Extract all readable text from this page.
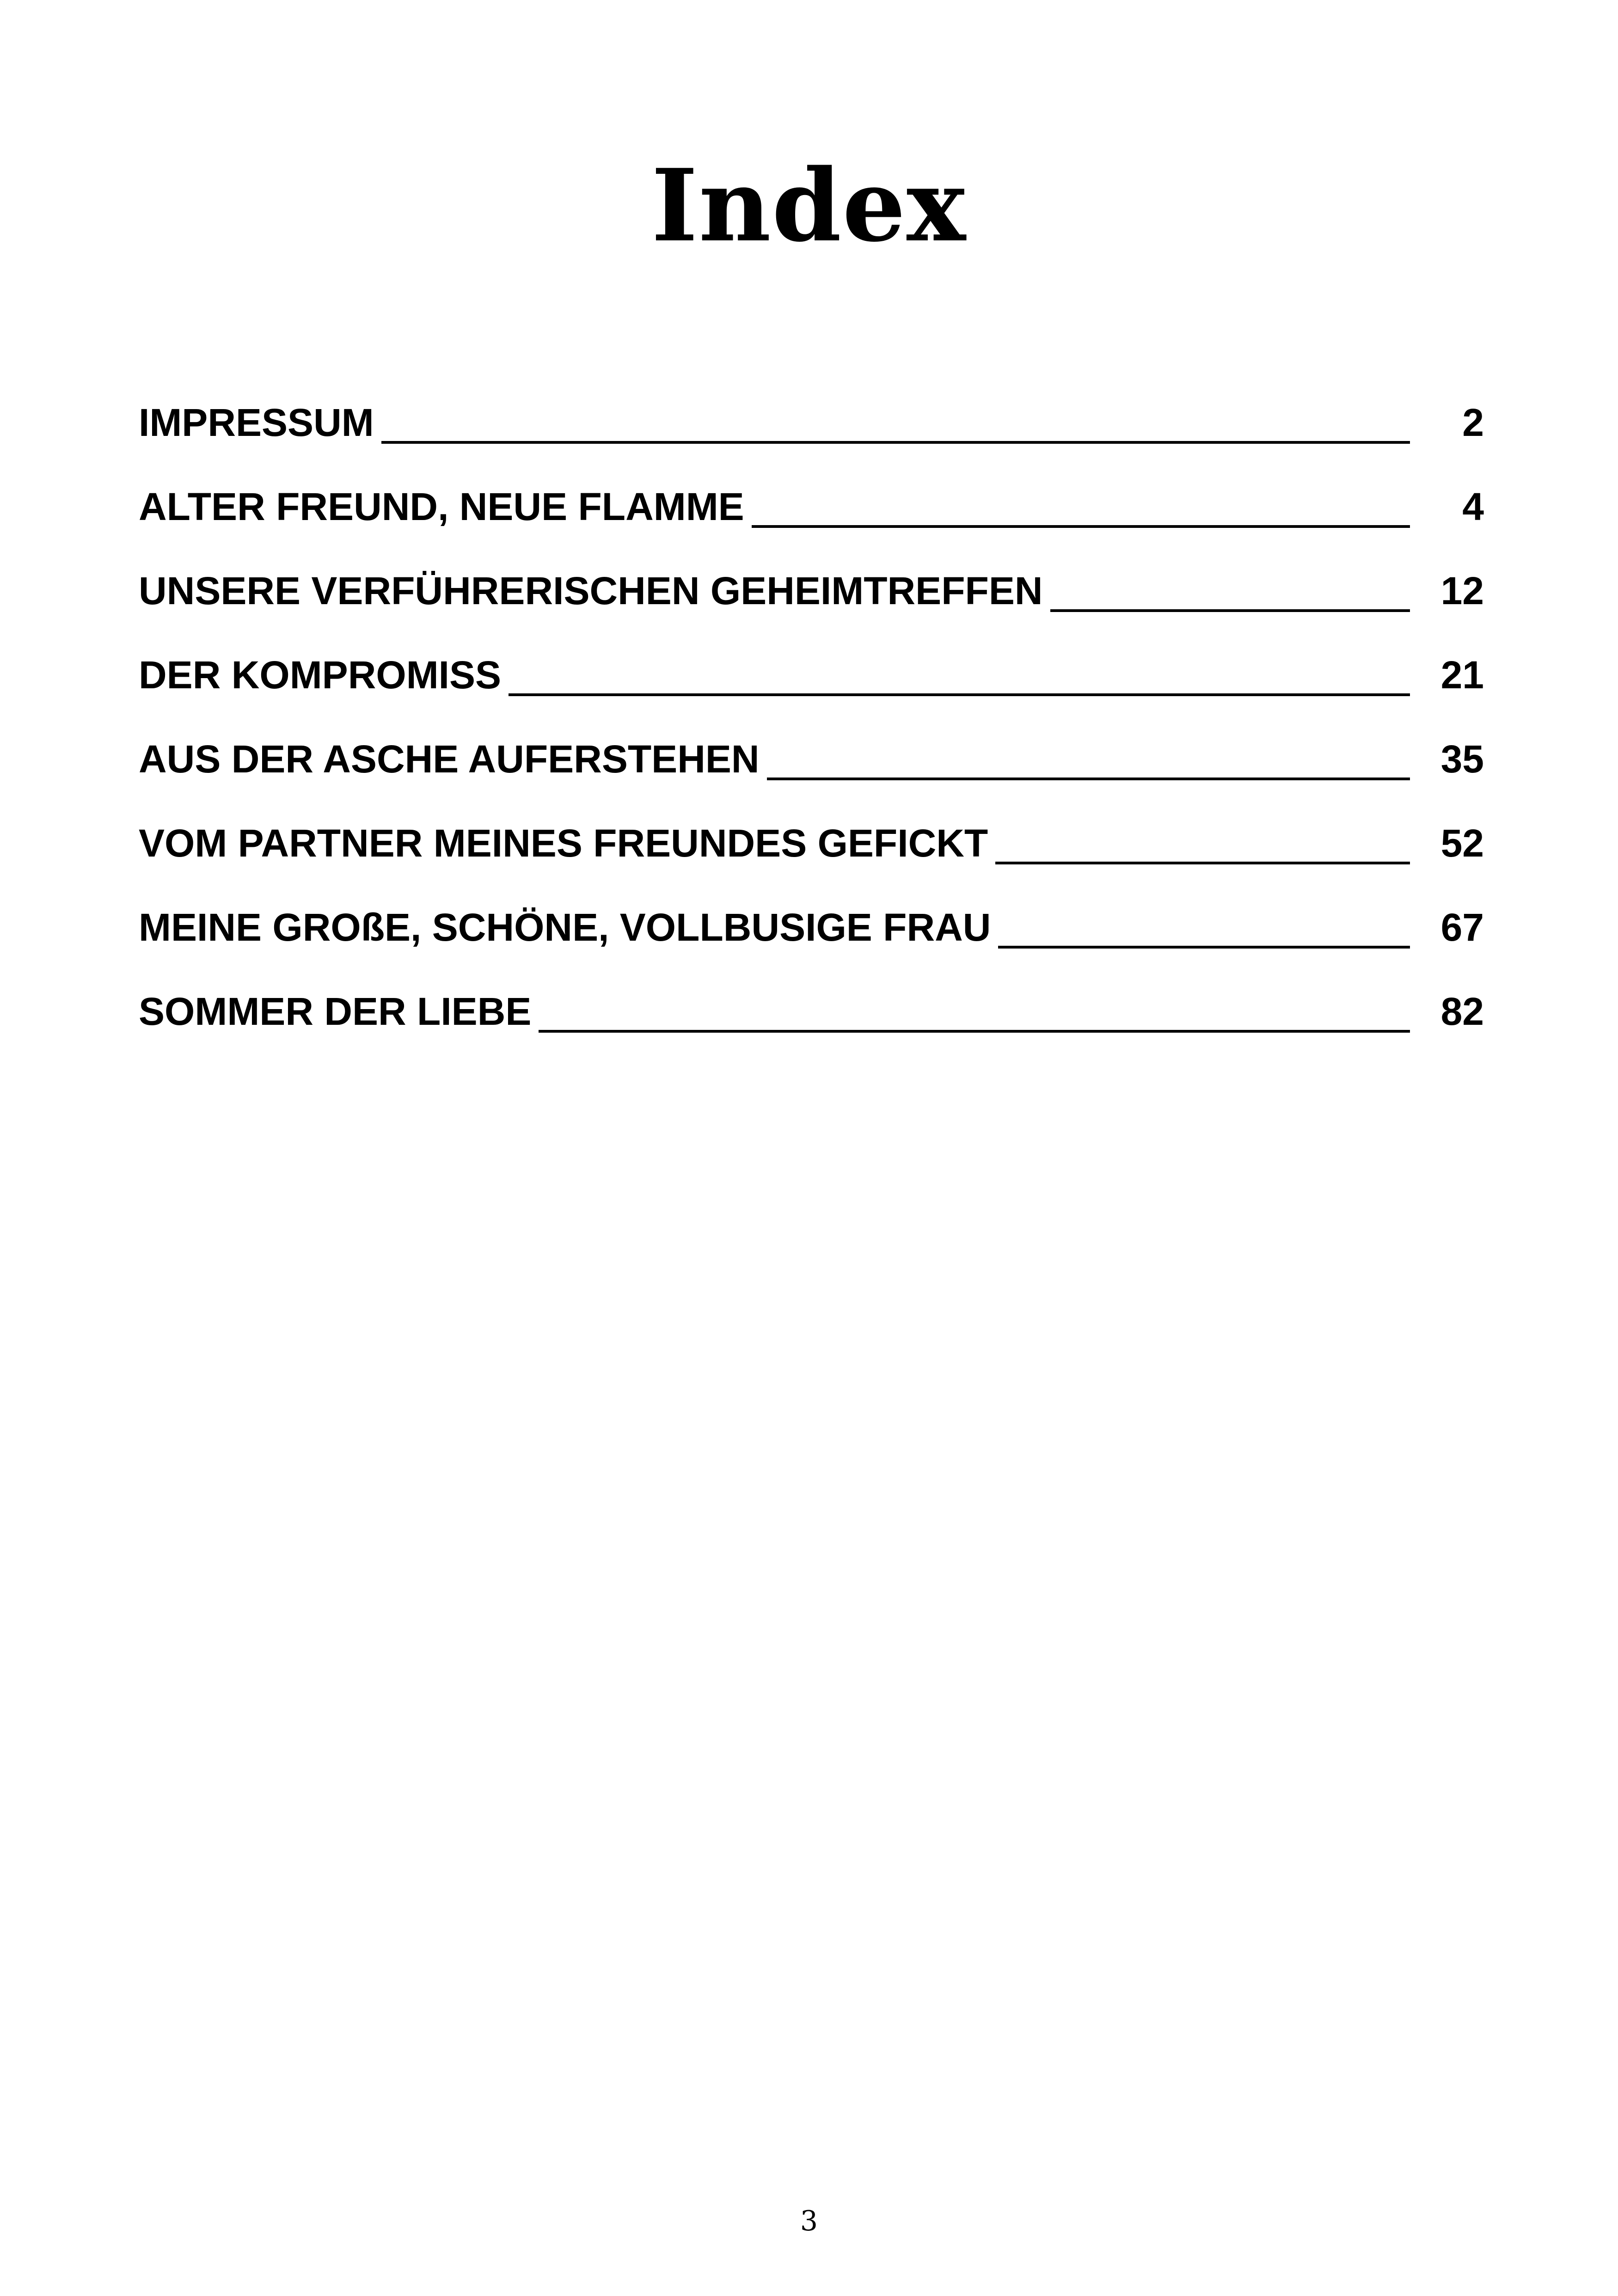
Index
IMPRESSUM	2
ALTER FREUND, NEUE FLAMME	4
UNSERE VERFÜHRERISCHEN GEHEIMTREFFEN	12
DER KOMPROMISS	21
AUS DER ASCHE AUFERSTEHEN	35
VOM PARTNER MEINES FREUNDES GEFICKT	52
MEINE GROßE, SCHÖNE, VOLLBUSIGE FRAU	67
SOMMER DER LIEBE	82
3
